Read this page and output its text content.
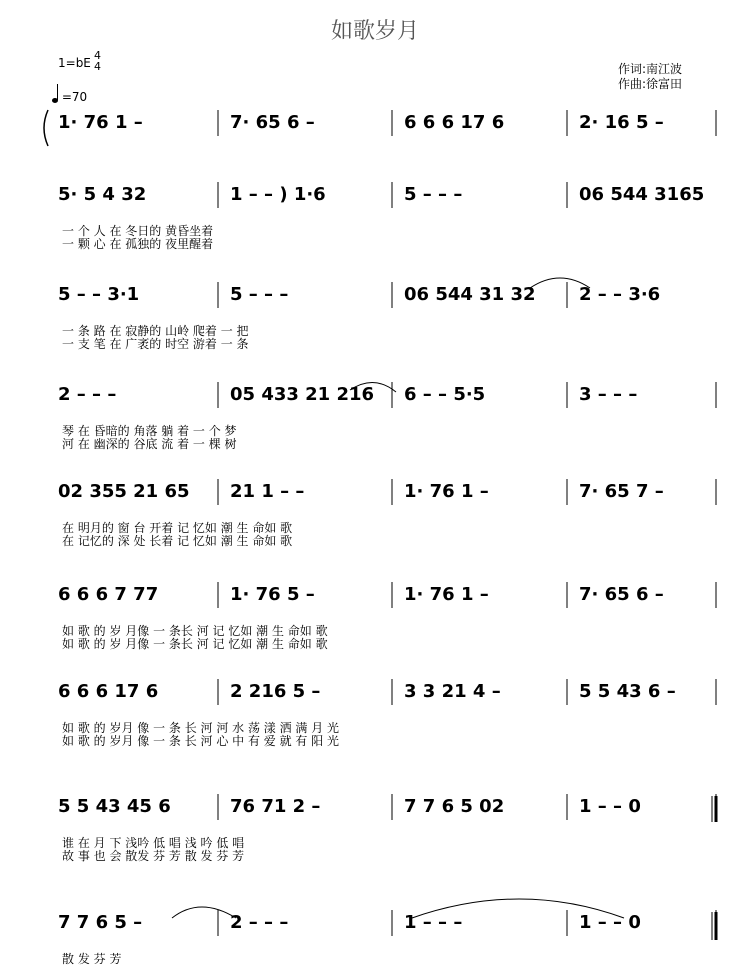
如歌岁月
1=bE
4
4
=70
作词:南江波
作曲:徐富田
1· 76 1 –	7· 65 6 –	6 6 6 17 6	2· 16 5 –
5· 5 4 32	1 – – ) 1·6	5 – – –	06 544 3165
一 个 人 在 冬日的 黄昏坐着
一 颗 心 在 孤独的 夜里醒着
5 – – 3·1	5 – – –	06 544 31 32 2 – – 3·6
一 条 路 在 寂静的 山岭 爬着 一 把
一 支 笔 在 广袤的 时空 游着 一 条
2 – – –	05 433 21 216 6 – – 5·5	3 – – –
琴 在 昏暗的 角落 躺 着 一 个 梦
河 在 幽深的 谷底 流 着 一 棵 树
02 355 21 65 21 1 – –	1· 76 1 –	7· 65 7 –
在 明月的 窗 台 开着 记 忆如 潮 生 命如 歌
在 记忆的 深 处 长着 记 忆如 潮 生 命如 歌
6 6 6 7 77	1· 76 5 –	1· 76 1 –	7· 65 6 –
如 歌 的 岁 月像 一 条长 河 记 忆如 潮 生 命如 歌
如 歌 的 岁 月像 一 条长 河 记 忆如 潮 生 命如 歌
6 6 6 17 6	2 216 5 –	3 3 21 4 –	5 5 43 6 –
如 歌 的 岁月 像 一 条 长 河 河 水 荡 漾 洒 满 月 光
如 歌 的 岁月 像 一 条 长 河 心 中 有 爱 就 有 阳 光
5 5 43 45 6	76 71 2 –	7 7 6 5 02	1 – – 0
谁 在 月 下 浅吟 低 唱 浅 吟 低 唱
故 事 也 会 散发 芬 芳 散 发 芬 芳
7 7 6 5 –	2 – – –	1 – – –	1 – – 0
散 发 芬 芳
